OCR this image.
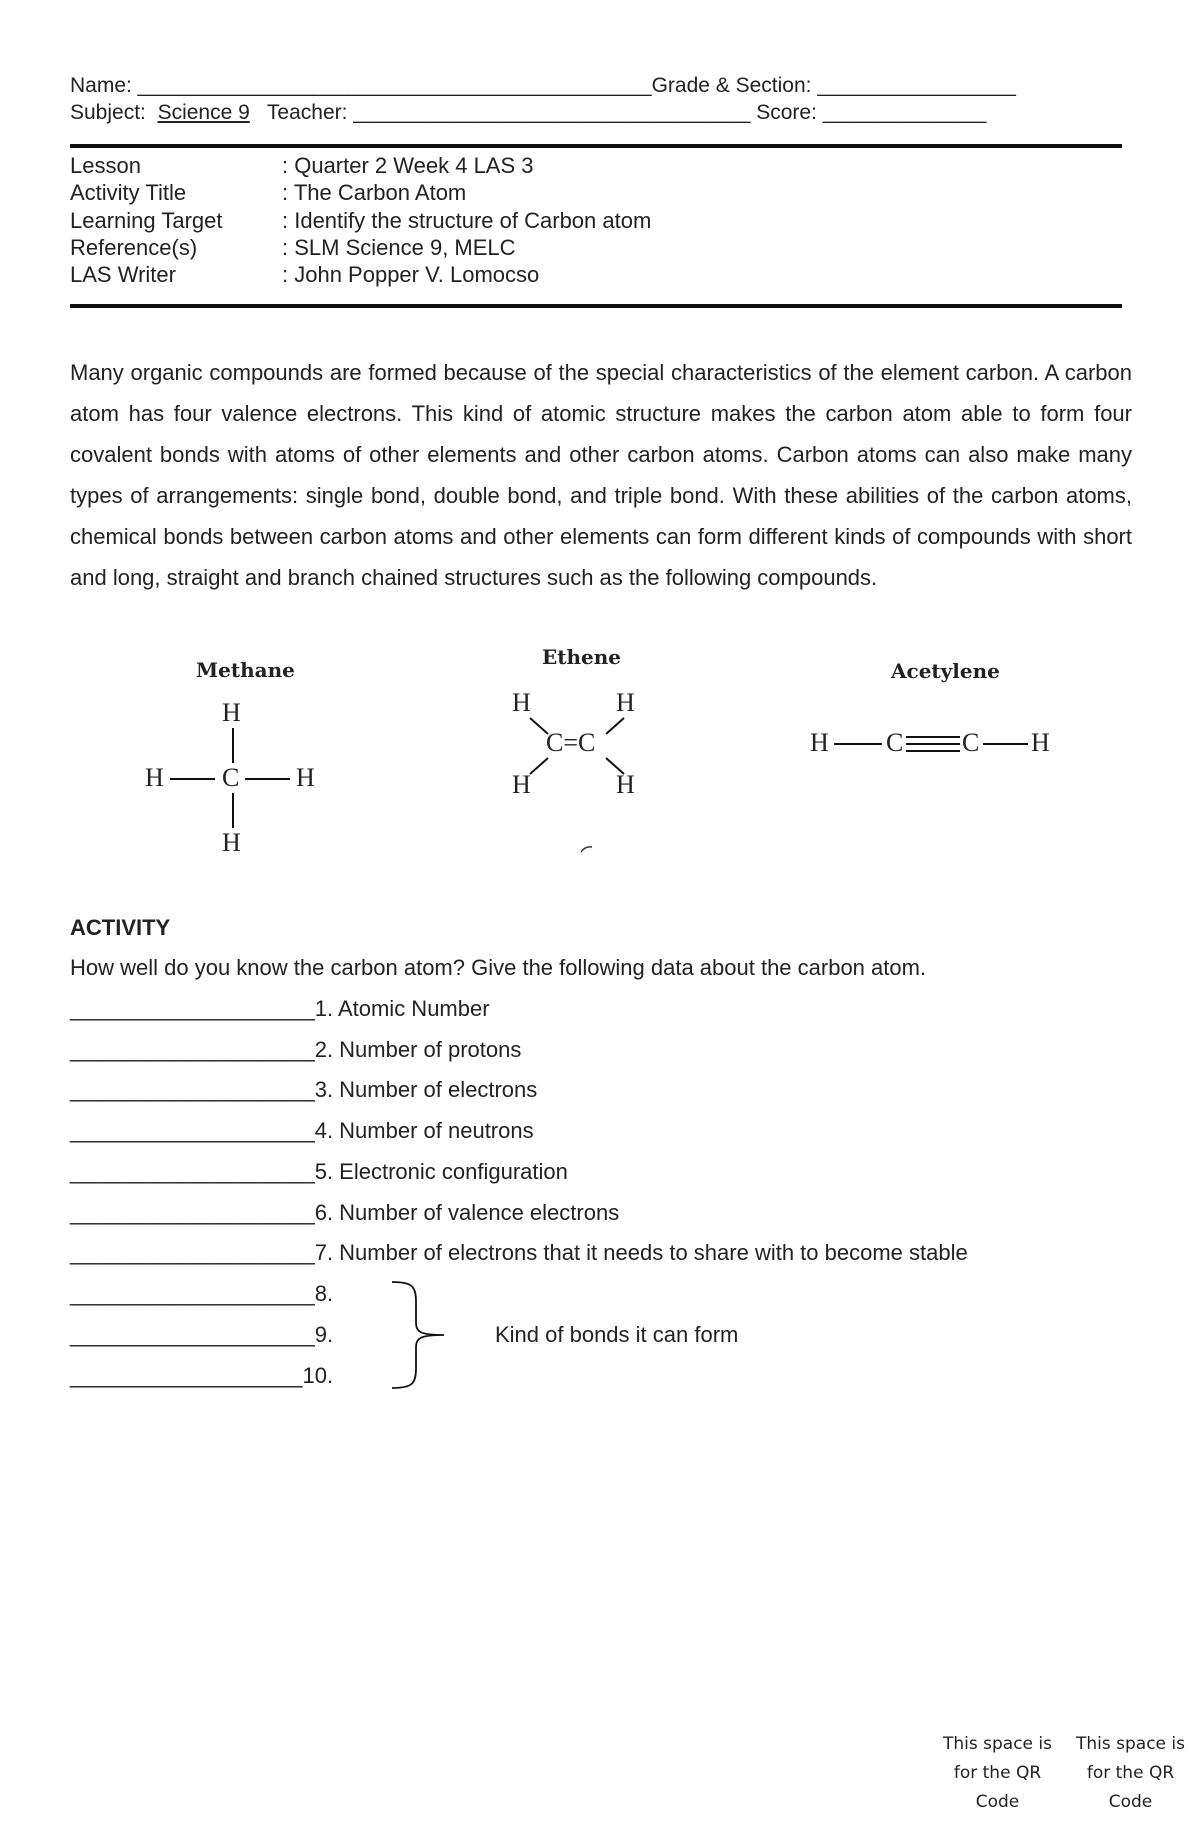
Name: ____________________________________________Grade & Section: _________________
Subject: Science 9 Teacher: __________________________________ Score: ______________
Lesson	: Quarter 2 Week 4 LAS 3
Activity Title	: The Carbon Atom
Learning Target	: Identify the structure of Carbon atom
Reference(s)	: SLM Science 9, MELC
LAS Writer	: John Popper V. Lomocso
Many organic compounds are formed because of the special characteristics of the element carbon. A carbon atom has four valence electrons. This kind of atomic structure makes the carbon atom able to form four covalent bonds with atoms of other elements and other carbon atoms. Carbon atoms can also make many types of arrangements: single bond, double bond, and triple bond. With these abilities of the carbon atoms, chemical bonds between carbon atoms and other elements can form different kinds of compounds with short and long, straight and branch chained structures such as the following compounds.
Methane
H
H C H
H
Ethene
H	H
C=C
H	H
Acetylene
H C C H
ACTIVITY
How well do you know the carbon atom? Give the following data about the carbon atom.
____________________1. Atomic Number
____________________2. Number of protons
____________________3. Number of electrons
____________________4. Number of neutrons
____________________5. Electronic configuration
____________________6. Number of valence electrons
____________________7. Number of electrons that it needs to share with to become stable
____________________8.
____________________9.
___________________10.
Kind of bonds it can form
This space is for the QR Code
This space is for the QR Code
